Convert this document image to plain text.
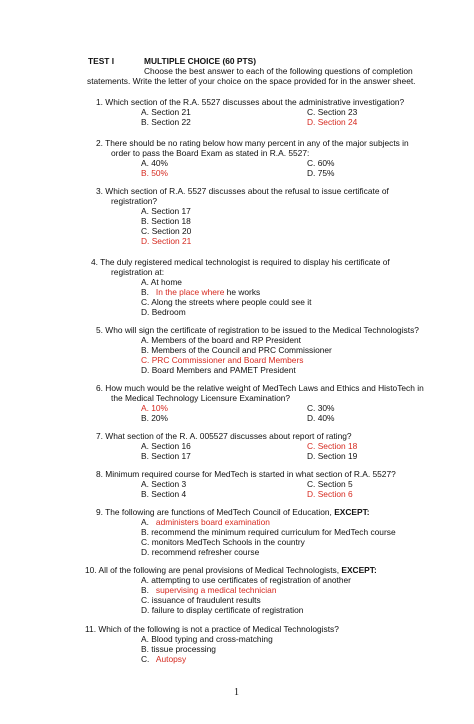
TEST I	MULTIPLE CHOICE (60 PTS)
Choose the best answer to each of the following questions of completion
statements. Write the letter of your choice on the space provided for in the answer sheet.
1. Which section of the R.A. 5527 discusses about the administrative investigation?
A. Section 21	C. Section 23
B. Section 22	D. Section 24
2. There should be no rating below how many percent in any of the major subjects in
order to pass the Board Exam as stated in R.A. 5527:
A. 40%	C. 60%
B. 50%	D. 75%
3. Which section of R.A. 5527 discusses about the refusal to issue certificate of
registration?
A. Section 17
B. Section 18
C. Section 20
D. Section 21
4. The duly registered medical technologist is required to display his certificate of
registration at:
A. At home
B.   In the place where he works
C. Along the streets where people could see it
D. Bedroom
5. Who will sign the certificate of registration to be issued to the Medical Technologists?
A. Members of the board and RP President
B. Members of the Council and PRC Commissioner
C. PRC Commissioner and Board Members
D. Board Members and PAMET President
6. How much would be the relative weight of MedTech Laws and Ethics and HistoTech in
the Medical Technology Licensure Examination?
A. 10%	C. 30%
B. 20%	D. 40%
7. What section of the R. A. 005527 discusses about report of rating?
A. Section 16	C. Section 18
B. Section 17	D. Section 19
8. Minimum required course for MedTech is started in what section of R.A. 5527?
A. Section 3	C. Section 5
B. Section 4	D. Section 6
9. The following are functions of MedTech Council of Education, EXCEPT:
A.   administers board examination
B. recommend the minimum required curriculum for MedTech course
C. monitors MedTech Schools in the country
D. recommend refresher course
10. All of the following are penal provisions of Medical Technologists, EXCEPT:
A. attempting to use certificates of registration of another
B.   supervising a medical technician
C. issuance of fraudulent results
D. failure to display certificate of registration
11. Which of the following is not a practice of Medical Technologists?
A. Blood typing and cross-matching
B. tissue processing
C.   Autopsy
1
